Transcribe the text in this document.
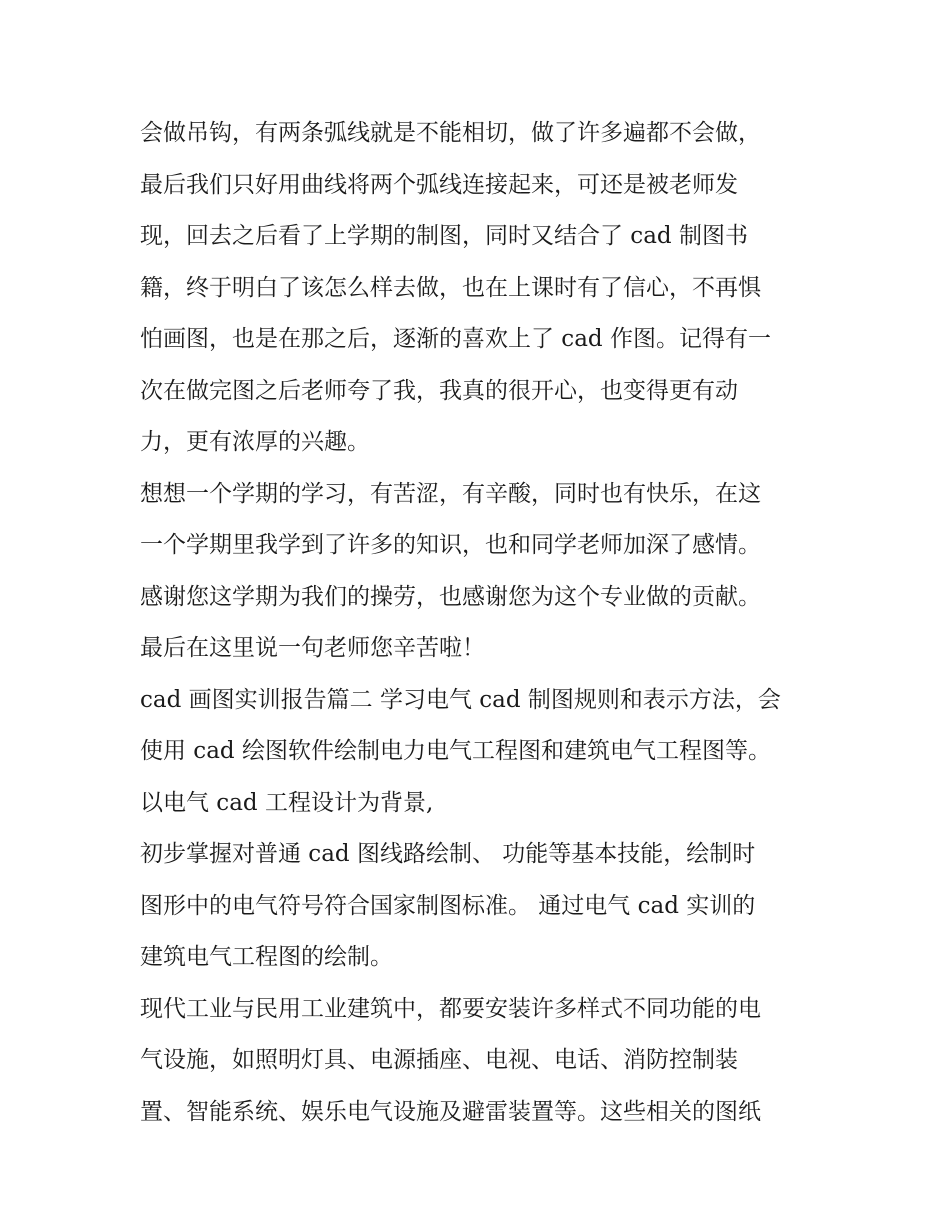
会做吊钩，有两条弧线就是不能相切，做了许多遍都不会做，
最后我们只好用曲线将两个弧线连接起来，可还是被老师发
现，回去之后看了上学期的制图，同时又结合了 cad 制图书
籍，终于明白了该怎么样去做，也在上课时有了信心，不再惧
怕画图，也是在那之后，逐渐的喜欢上了 cad 作图。记得有一
次在做完图之后老师夸了我，我真的很开心，也变得更有动
力，更有浓厚的兴趣。
想想一个学期的学习，有苦涩，有辛酸，同时也有快乐，在这
一个学期里我学到了许多的知识，也和同学老师加深了感情。
感谢您这学期为我们的操劳，也感谢您为这个专业做的贡献。
最后在这里说一句老师您辛苦啦！
cad 画图实训报告篇二 学习电气 cad 制图规则和表示方法，会
使用 cad 绘图软件绘制电力电气工程图和建筑电气工程图等。
以电气 cad 工程设计为背景,
初步掌握对普通 cad 图线路绘制、 功能等基本技能，绘制时
图形中的电气符号符合国家制图标准。 通过电气 cad 实训的
建筑电气工程图的绘制。
现代工业与民用工业建筑中，都要安装许多样式不同功能的电
气设施，如照明灯具、电源插座、电视、电话、消防控制装
置、智能系统、娱乐电气设施及避雷装置等。这些相关的图纸
